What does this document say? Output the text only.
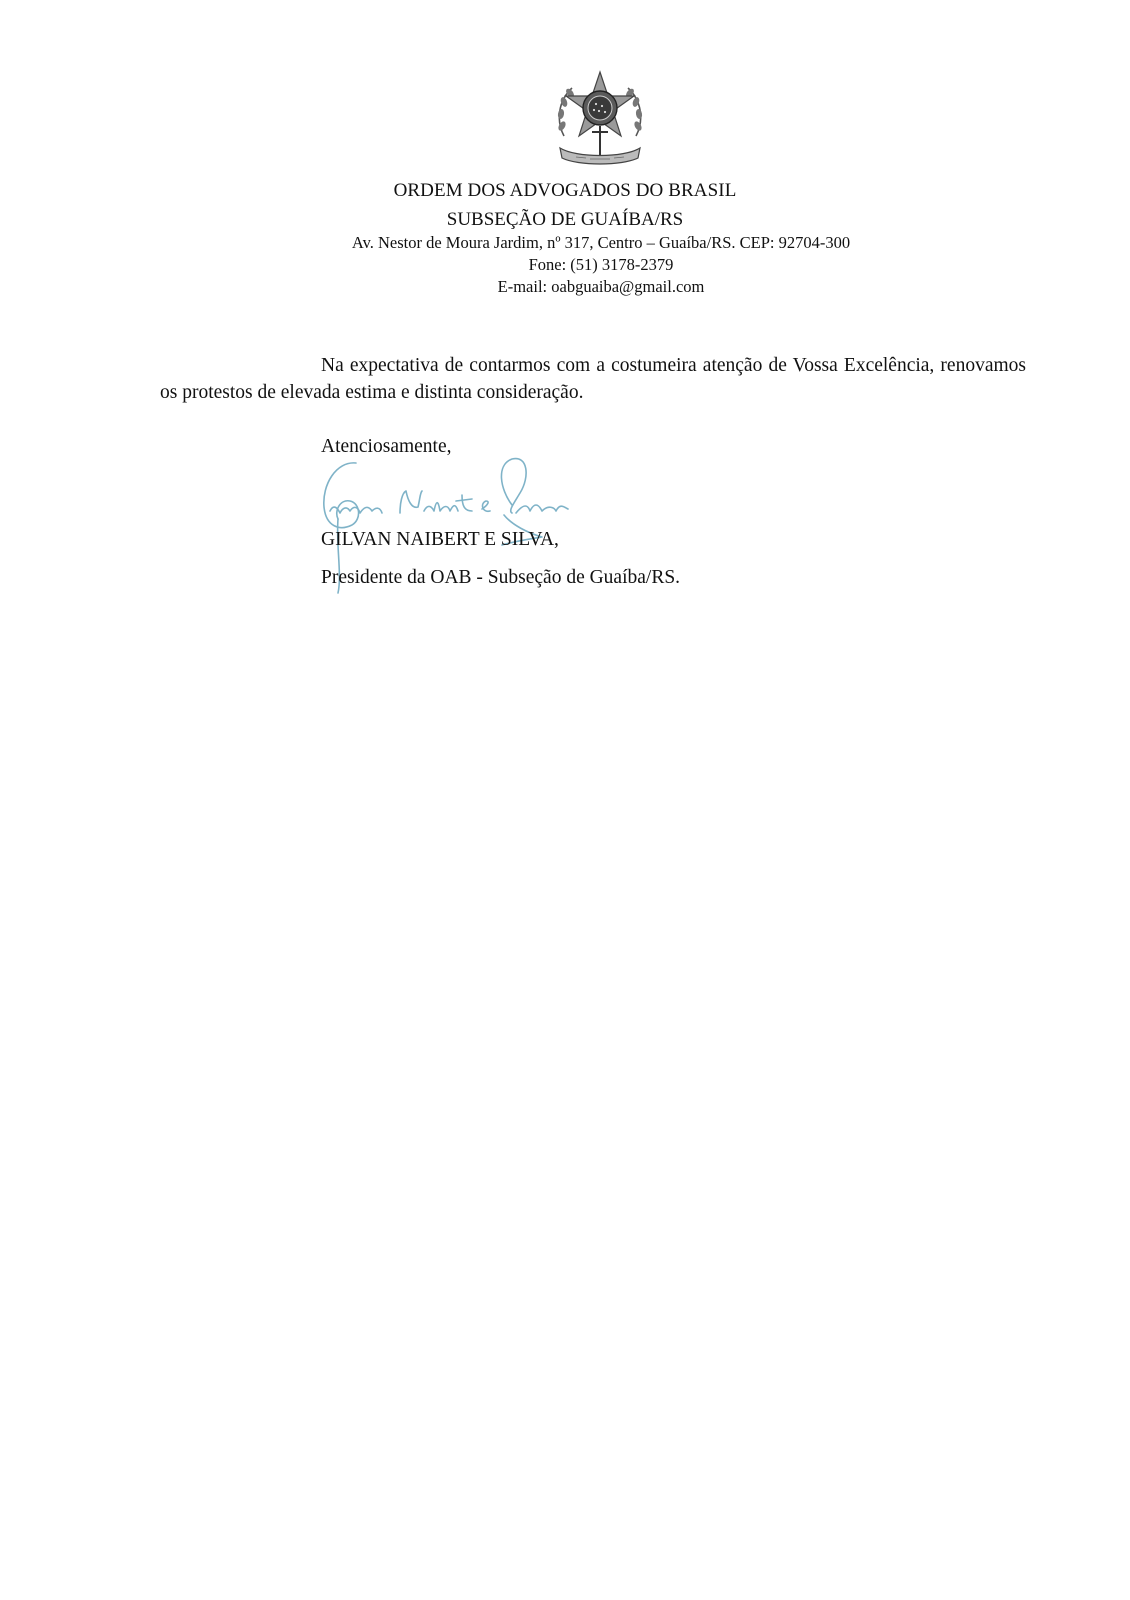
ORDEM DOS ADVOGADOS DO BRASIL
SUBSEÇÃO DE GUAÍBA/RS
Av. Nestor de Moura Jardim, nº 317, Centro – Guaíba/RS. CEP: 92704-300
Fone: (51) 3178-2379
E-mail: oabguaiba@gmail.com

Na expectativa de contarmos com a costumeira atenção de Vossa Excelência, renovamos os protestos de elevada estima e distinta consideração.

Atenciosamente,
GILVAN NAIBERT E SILVA,
Presidente da OAB - Subseção de Guaíba/RS.
